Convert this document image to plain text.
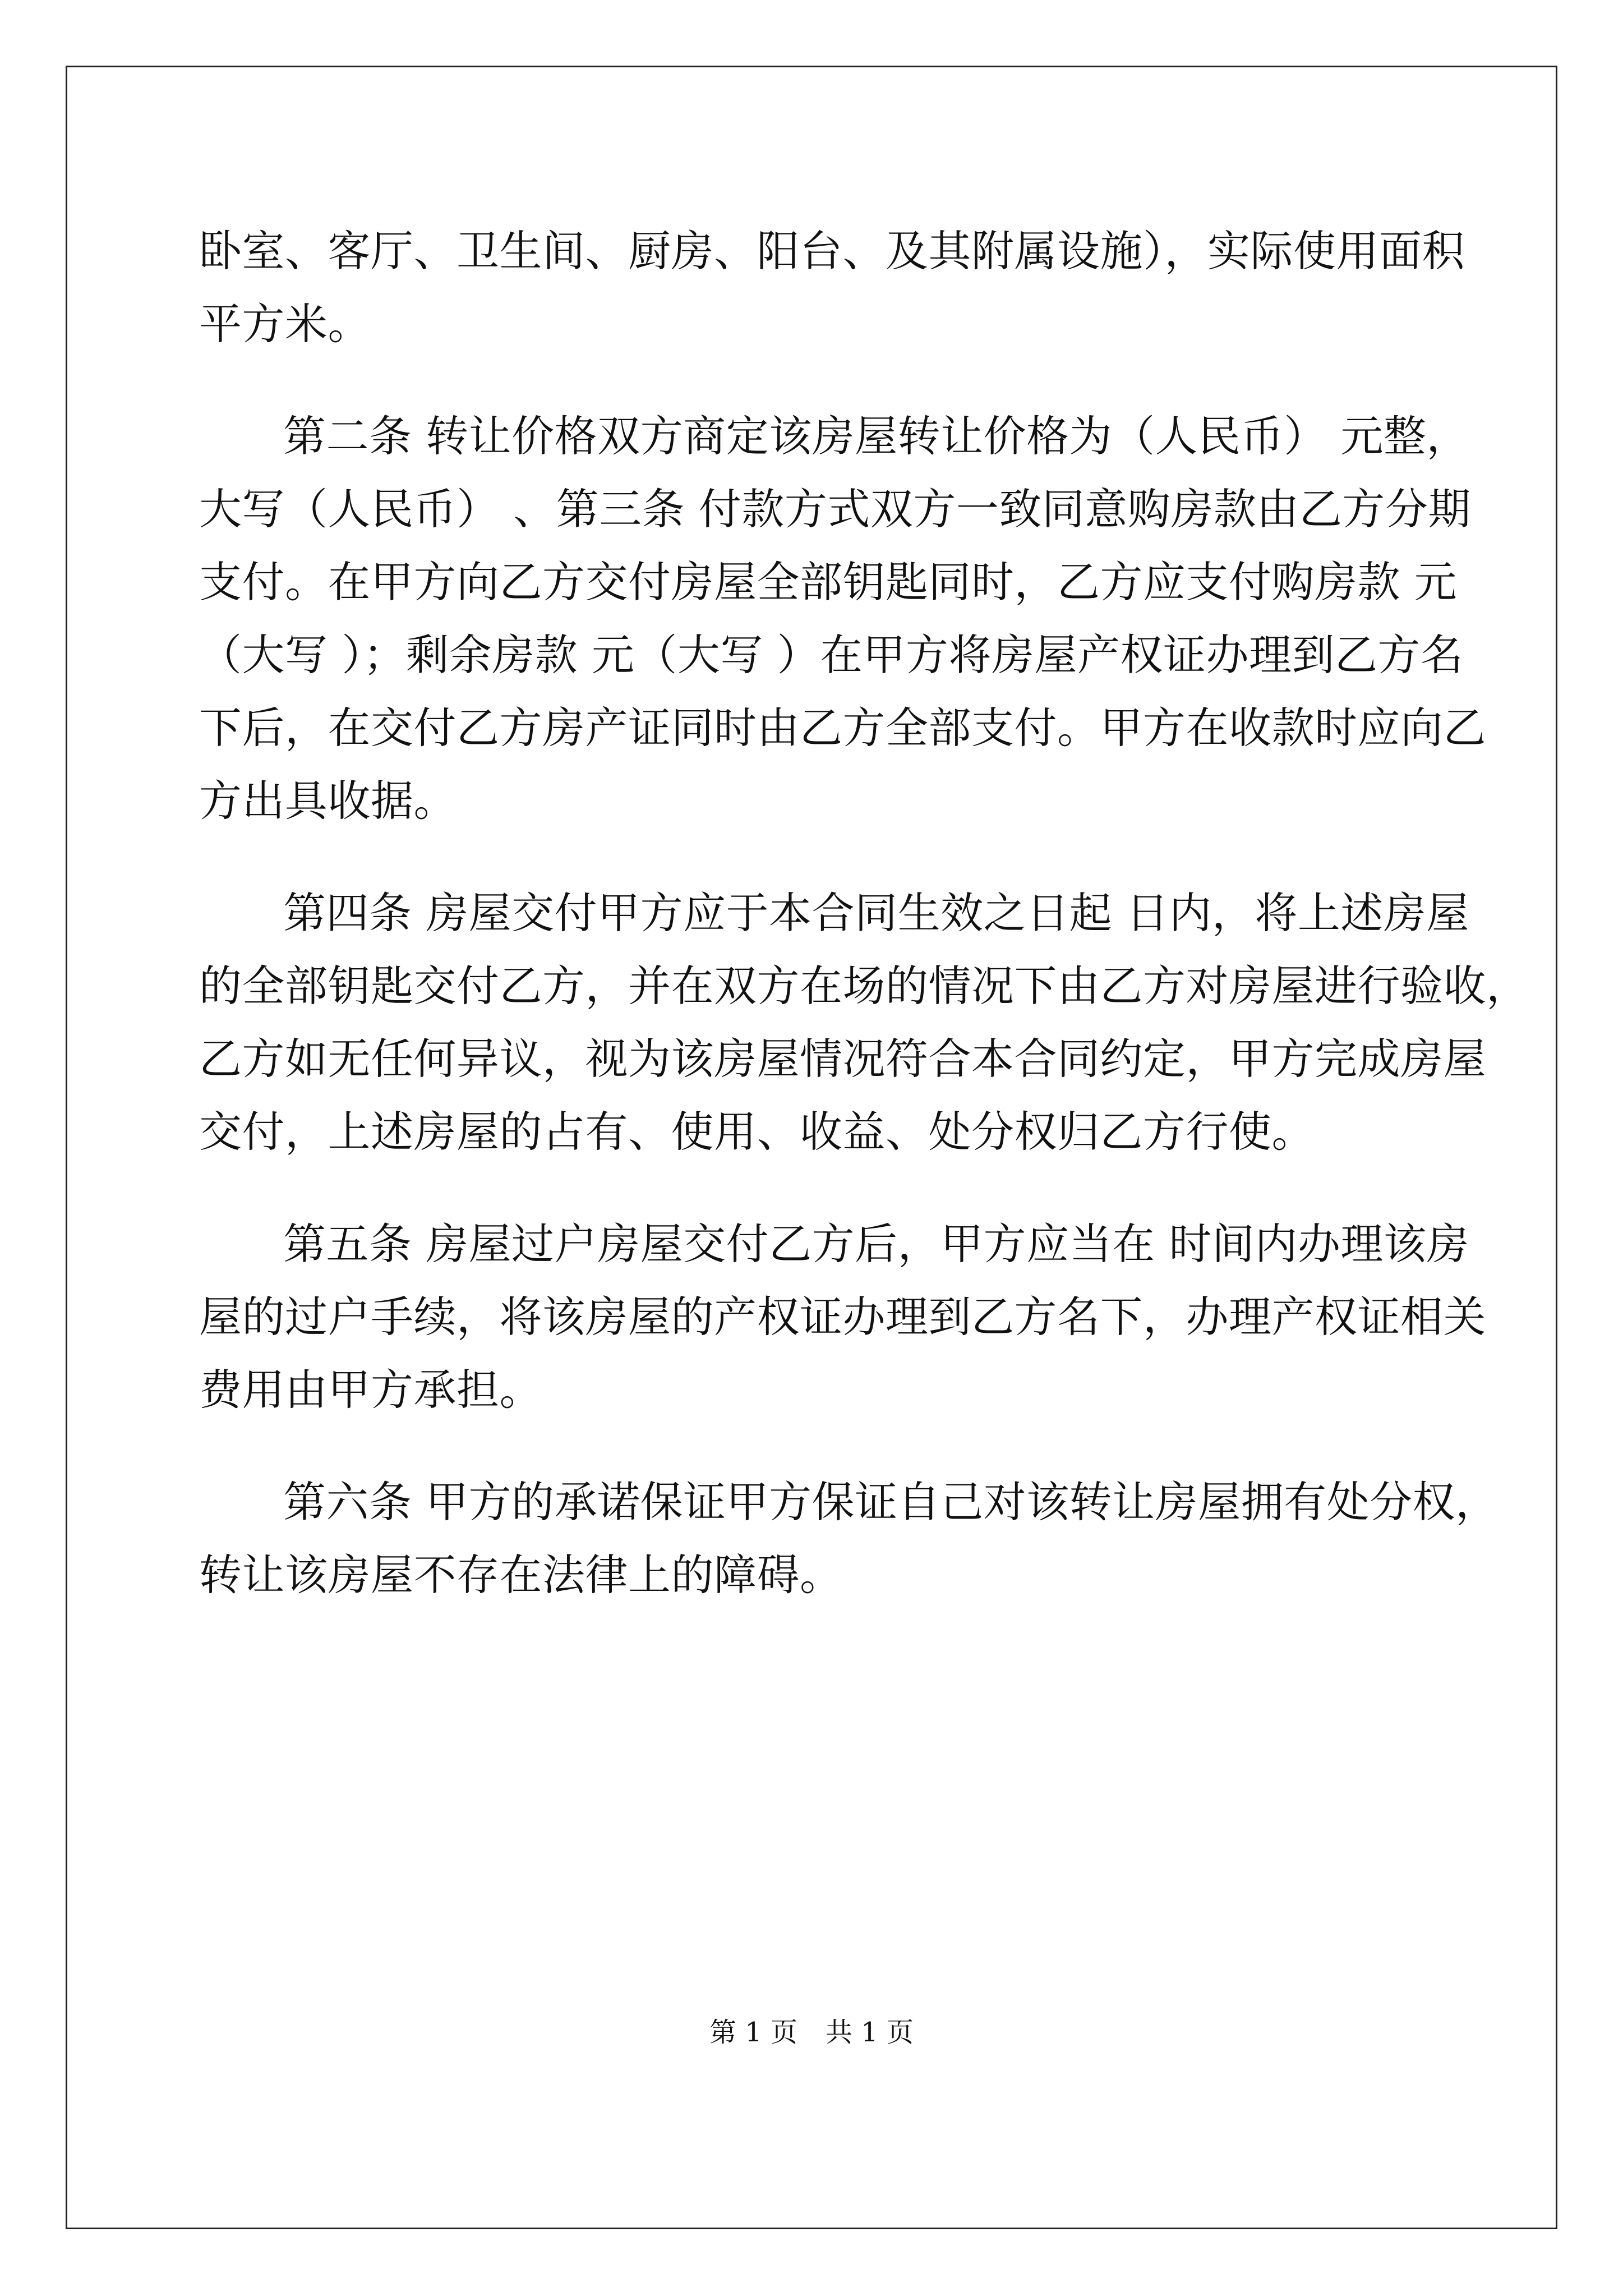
卧室、客厅、卫生间、厨房、阳台、及其附属设施），实际使用面积
平方米。
第二条 转让价格双方商定该房屋转让价格为（人民币） 元整，
大写（人民币） 、第三条 付款方式双方一致同意购房款由乙方分期
支付。在甲方向乙方交付房屋全部钥匙同时，乙方应支付购房款 元
（大写 ）；剩余房款 元（大写 ）在甲方将房屋产权证办理到乙方名
下后，在交付乙方房产证同时由乙方全部支付。甲方在收款时应向乙
方出具收据。
第四条 房屋交付甲方应于本合同生效之日起 日内，将上述房屋
的全部钥匙交付乙方，并在双方在场的情况下由乙方对房屋进行验收，
乙方如无任何异议，视为该房屋情况符合本合同约定，甲方完成房屋
交付，上述房屋的占有、使用、收益、处分权归乙方行使。
第五条 房屋过户房屋交付乙方后，甲方应当在 时间内办理该房
屋的过户手续，将该房屋的产权证办理到乙方名下，办理产权证相关
费用由甲方承担。
第六条 甲方的承诺保证甲方保证自己对该转让房屋拥有处分权，
转让该房屋不存在法律上的障碍。
第 1 页 共 1 页
